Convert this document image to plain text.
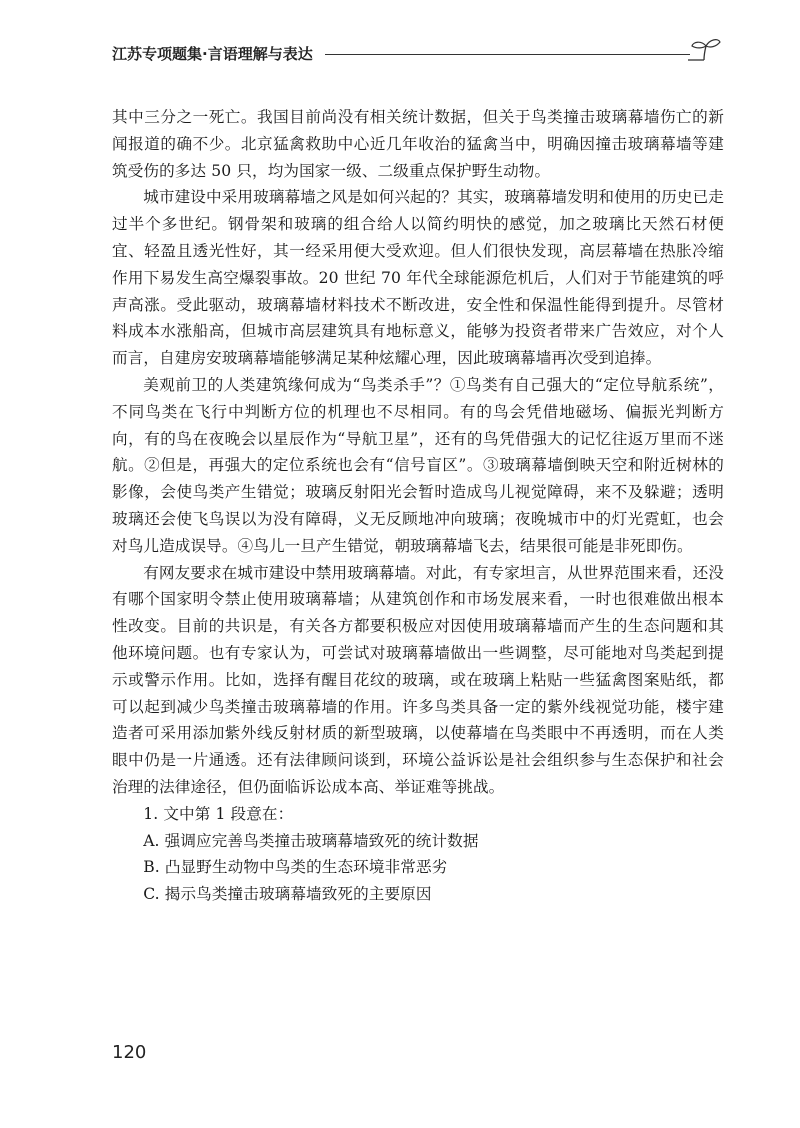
江苏专项题集·言语理解与表达

其中三分之一死亡。我国目前尚没有相关统计数据，但关于鸟类撞击玻璃幕墙伤亡的新闻报道的确不少。北京猛禽救助中心近几年收治的猛禽当中，明确因撞击玻璃幕墙等建筑受伤的多达 50 只，均为国家一级、二级重点保护野生动物。

城市建设中采用玻璃幕墙之风是如何兴起的？其实，玻璃幕墙发明和使用的历史已走过半个多世纪。钢骨架和玻璃的组合给人以简约明快的感觉，加之玻璃比天然石材便宜、轻盈且透光性好，其一经采用便大受欢迎。但人们很快发现，高层幕墙在热胀冷缩作用下易发生高空爆裂事故。20 世纪 70 年代全球能源危机后，人们对于节能建筑的呼声高涨。受此驱动，玻璃幕墙材料技术不断改进，安全性和保温性能得到提升。尽管材料成本水涨船高，但城市高层建筑具有地标意义，能够为投资者带来广告效应，对个人而言，自建房安玻璃幕墙能够满足某种炫耀心理，因此玻璃幕墙再次受到追捧。

美观前卫的人类建筑缘何成为“鸟类杀手”？①鸟类有自己强大的“定位导航系统”，不同鸟类在飞行中判断方位的机理也不尽相同。有的鸟会凭借地磁场、偏振光判断方向，有的鸟在夜晚会以星辰作为“导航卫星”，还有的鸟凭借强大的记忆往返万里而不迷航。②但是，再强大的定位系统也会有“信号盲区”。③玻璃幕墙倒映天空和附近树林的影像，会使鸟类产生错觉；玻璃反射阳光会暂时造成鸟儿视觉障碍，来不及躲避；透明玻璃还会使飞鸟误以为没有障碍，义无反顾地冲向玻璃；夜晚城市中的灯光霓虹，也会对鸟儿造成误导。④鸟儿一旦产生错觉，朝玻璃幕墙飞去，结果很可能是非死即伤。

有网友要求在城市建设中禁用玻璃幕墙。对此，有专家坦言，从世界范围来看，还没有哪个国家明令禁止使用玻璃幕墙；从建筑创作和市场发展来看，一时也很难做出根本性改变。目前的共识是，有关各方都要积极应对因使用玻璃幕墙而产生的生态问题和其他环境问题。也有专家认为，可尝试对玻璃幕墙做出一些调整，尽可能地对鸟类起到提示或警示作用。比如，选择有醒目花纹的玻璃，或在玻璃上粘贴一些猛禽图案贴纸，都可以起到减少鸟类撞击玻璃幕墙的作用。许多鸟类具备一定的紫外线视觉功能，楼宇建造者可采用添加紫外线反射材质的新型玻璃，以使幕墙在鸟类眼中不再透明，而在人类眼中仍是一片通透。还有法律顾问谈到，环境公益诉讼是社会组织参与生态保护和社会治理的法律途径，但仍面临诉讼成本高、举证难等挑战。

1. 文中第 1 段意在：

A. 强调应完善鸟类撞击玻璃幕墙致死的统计数据

B. 凸显野生动物中鸟类的生态环境非常恶劣

C. 揭示鸟类撞击玻璃幕墙致死的主要原因

120
